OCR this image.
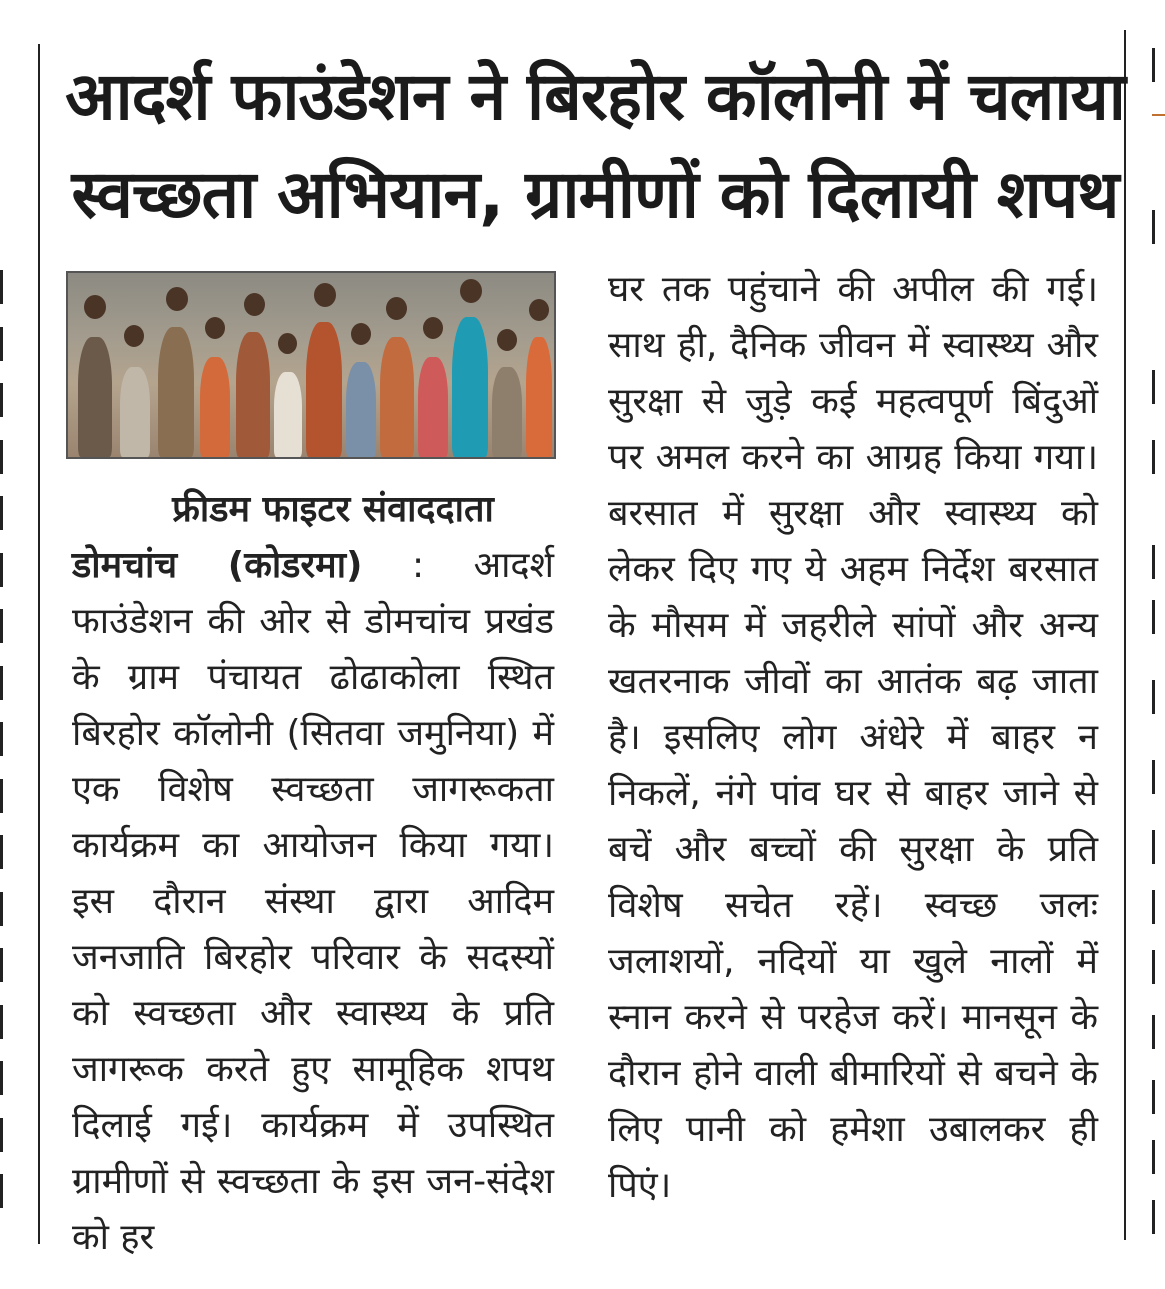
आदर्श फाउंडेशन ने बिरहोर कॉलोनी में चलाया
स्वच्छता अभियान, ग्रामीणों को दिलायी शपथ
फ्रीडम फाइटर संवाददाता

डोमचांच (कोडरमा) : आदर्श फाउंडेशन की ओर से डोमचांच प्रखंड के ग्राम पंचायत ढोढाकोला स्थित बिरहोर कॉलोनी (सितवा जमुनिया) में एक विशेष स्वच्छता जागरूकता कार्यक्रम का आयोजन किया गया। इस दौरान संस्था द्वारा आदिम जनजाति बिरहोर परिवार के सदस्यों को स्वच्छता और स्वास्थ्य के प्रति जागरूक करते हुए सामूहिक शपथ दिलाई गई। कार्यक्रम में उपस्थित ग्रामीणों से स्वच्छता के इस जन-संदेश को हर

घर तक पहुंचाने की अपील की गई। साथ ही, दैनिक जीवन में स्वास्थ्य और सुरक्षा से जुड़े कई महत्वपूर्ण बिंदुओं पर अमल करने का आग्रह किया गया। बरसात में सुरक्षा और स्वास्थ्य को लेकर दिए गए ये अहम निर्देश बरसात के मौसम में जहरीले सांपों और अन्य खतरनाक जीवों का आतंक बढ़ जाता है। इसलिए लोग अंधेरे में बाहर न निकलें, नंगे पांव घर से बाहर जाने से बचें और बच्चों की सुरक्षा के प्रति विशेष सचेत रहें। स्वच्छ जलः जलाशयों, नदियों या खुले नालों में स्नान करने से परहेज करें। मानसून के दौरान होने वाली बीमारियों से बचने के लिए पानी को हमेशा उबालकर ही पिएं।
